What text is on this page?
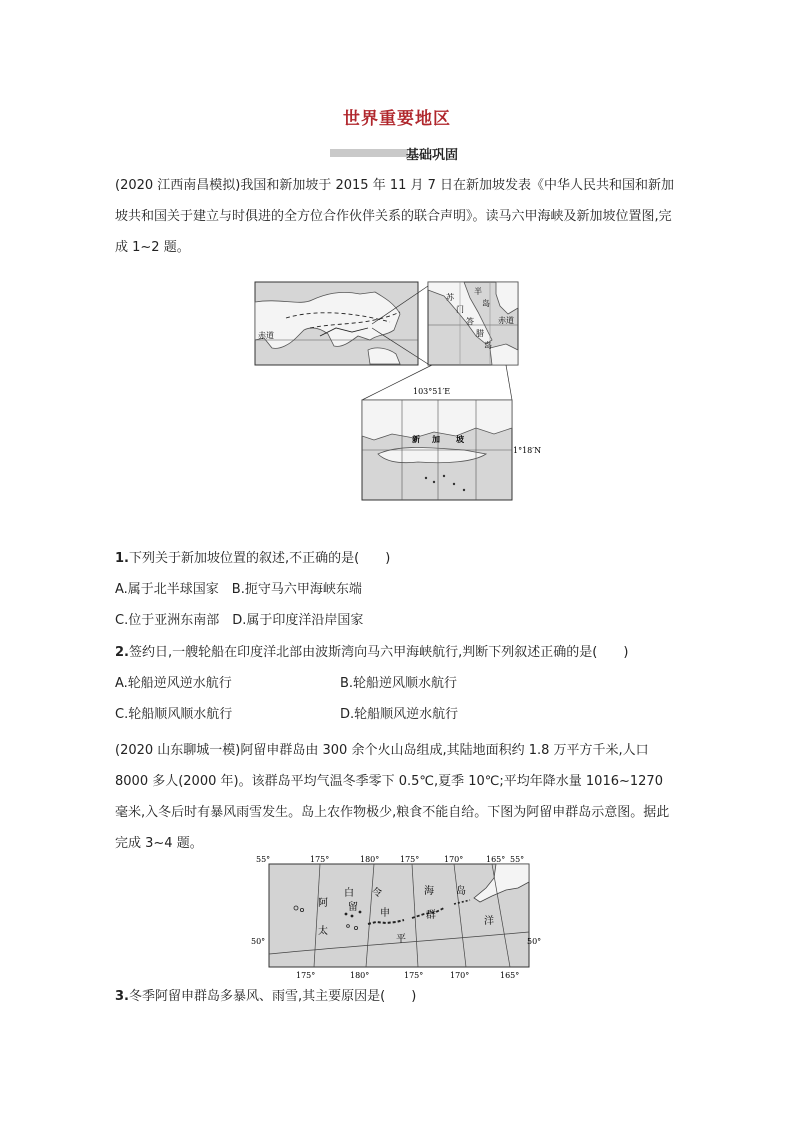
世界重要地区
基础巩固
(2020 江西南昌模拟)我国和新加坡于 2015 年 11 月 7 日在新加坡发表《中华人民共和国和新加坡共和国关于建立与时俱进的全方位合作伙伴关系的联合声明》。读马六甲海峡及新加坡位置图,完成 1~2 题。
赤道
赤道
苏
半
门
岛
答
腊
岛
103°51′E
新 加 坡
1°18′N
1.下列关于新加坡位置的叙述,不正确的是(　　)
A.属于北半球国家　B.扼守马六甲海峡东端
C.位于亚洲东南部　D.属于印度洋沿岸国家
2.签约日,一艘轮船在印度洋北部由波斯湾向马六甲海峡航行,判断下列叙述正确的是(　　)
A.轮船逆风逆水航行	B.轮船逆风顺水航行
C.轮船顺风顺水航行	D.轮船顺风逆水航行
(2020 山东聊城一模)阿留申群岛由 300 余个火山岛组成,其陆地面积约 1.8 万平方千米,人口 8000 多人(2000 年)。该群岛平均气温冬季零下 0.5℃,夏季 10℃;平均年降水量 1016~1270 毫米,入冬后时有暴风雨雪发生。岛上农作物极少,粮食不能自给。下图为阿留申群岛示意图。据此完成 3~4 题。
55°	175°	180°	175°	170°	165° 55°
50°	50°
175°	180°	175°	170°	165°
白 令	海
阿 留
申	群
岛
太
平
洋
3.冬季阿留申群岛多暴风、雨雪,其主要原因是(　　)
